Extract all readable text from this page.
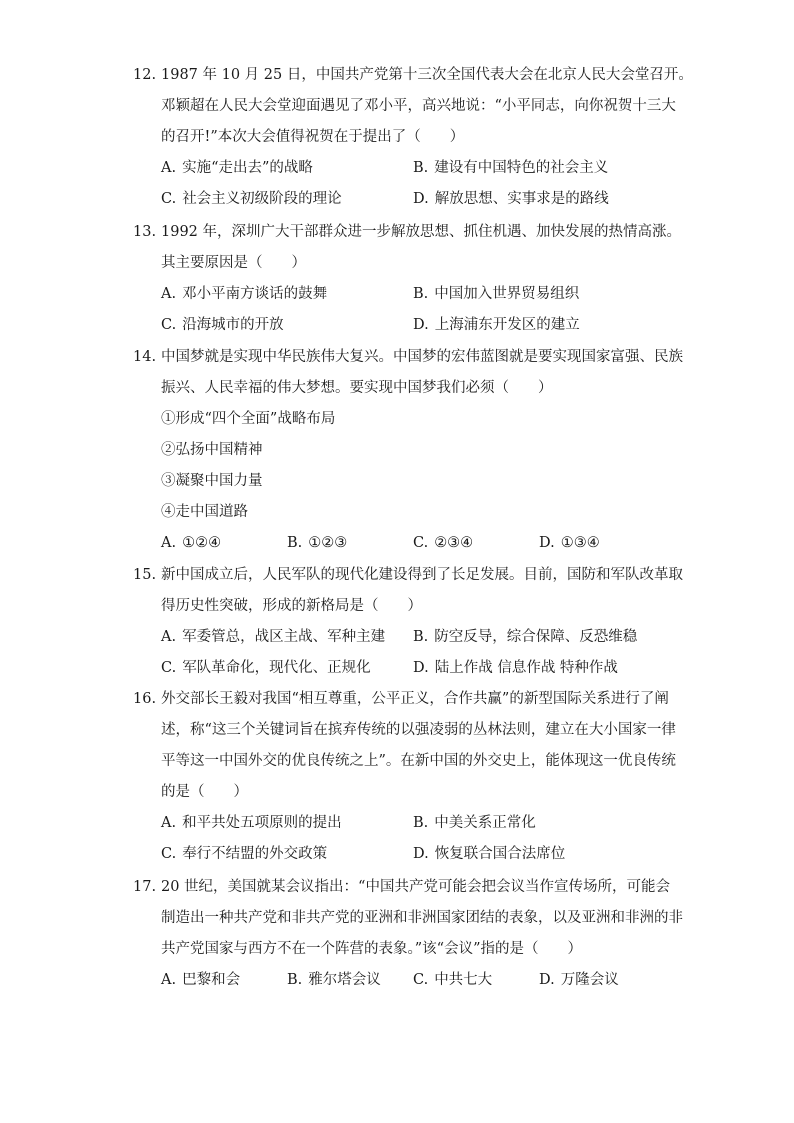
12. 1987 年 10 月 25 日，中国共产党第十三次全国代表大会在北京人民大会堂召开。
邓颖超在人民大会堂迎面遇见了邓小平，高兴地说：“小平同志，向你祝贺十三大
的召开!”本次大会值得祝贺在于提出了（　　）
A. 实施“走出去”的战略	B. 建设有中国特色的社会主义
C. 社会主义初级阶段的理论	D. 解放思想、实事求是的路线
13. 1992 年，深圳广大干部群众进一步解放思想、抓住机遇、加快发展的热情高涨。
其主要原因是（　　）
A. 邓小平南方谈话的鼓舞	B. 中国加入世界贸易组织
C. 沿海城市的开放	D. 上海浦东开发区的建立
14. 中国梦就是实现中华民族伟大复兴。中国梦的宏伟蓝图就是要实现国家富强、民族
振兴、人民幸福的伟大梦想。要实现中国梦我们必须（　　）
①形成“四个全面”战略布局
②弘扬中国精神
③凝聚中国力量
④走中国道路
A. ①②④	B. ①②③	C. ②③④	D. ①③④
15. 新中国成立后，人民军队的现代化建设得到了长足发展。目前，国防和军队改革取
得历史性突破，形成的新格局是（　　）
A. 军委管总，战区主战、军种主建 B. 防空反导，综合保障、反恐维稳
C. 军队革命化，现代化、正规化	D. 陆上作战 信息作战 特种作战
16. 外交部长王毅对我国“相互尊重，公平正义，合作共赢”的新型国际关系进行了阐
述，称“这三个关键词旨在摈弃传统的以强凌弱的丛林法则，建立在大小国家一律
平等这一中国外交的优良传统之上”。在新中国的外交史上，能体现这一优良传统
的是（　　）
A. 和平共处五项原则的提出	B. 中美关系正常化
C. 奉行不结盟的外交政策	D. 恢复联合国合法席位
17. 20 世纪，美国就某会议指出：“中国共产党可能会把会议当作宣传场所，可能会
制造出一种共产党和非共产党的亚洲和非洲国家团结的表象，以及亚洲和非洲的非
共产党国家与西方不在一个阵营的表象。”该“会议”指的是（　　）
A. 巴黎和会	B. 雅尔塔会议 C. 中共七大	D. 万隆会议
